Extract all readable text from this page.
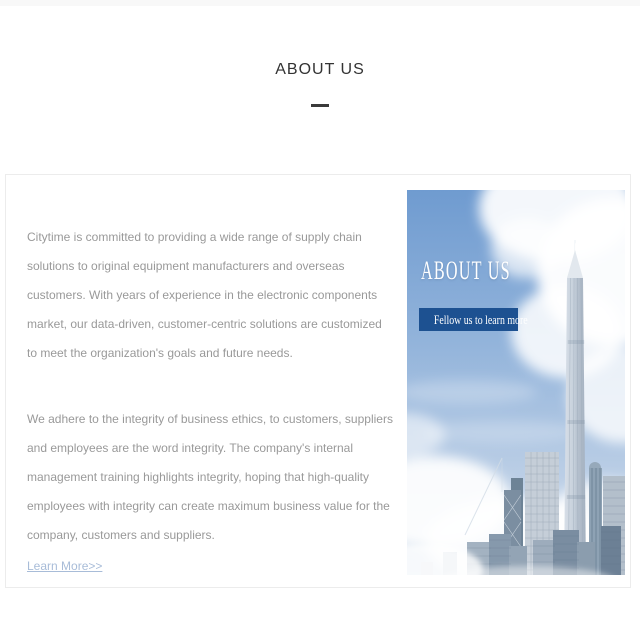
ABOUT US

Citytime is committed to providing a wide range of supply chain solutions to original equipment manufacturers and overseas customers. With years of experience in the electronic components market, our data-driven, customer-centric solutions are customized to meet the organization's goals and future needs.

We adhere to the integrity of business ethics, to customers, suppliers and employees are the word integrity. The company's internal management training highlights integrity, hoping that high-quality employees with integrity can create maximum business value for the company, customers and suppliers.

Learn More>>
ABOUT US
Fellow us to learn more
